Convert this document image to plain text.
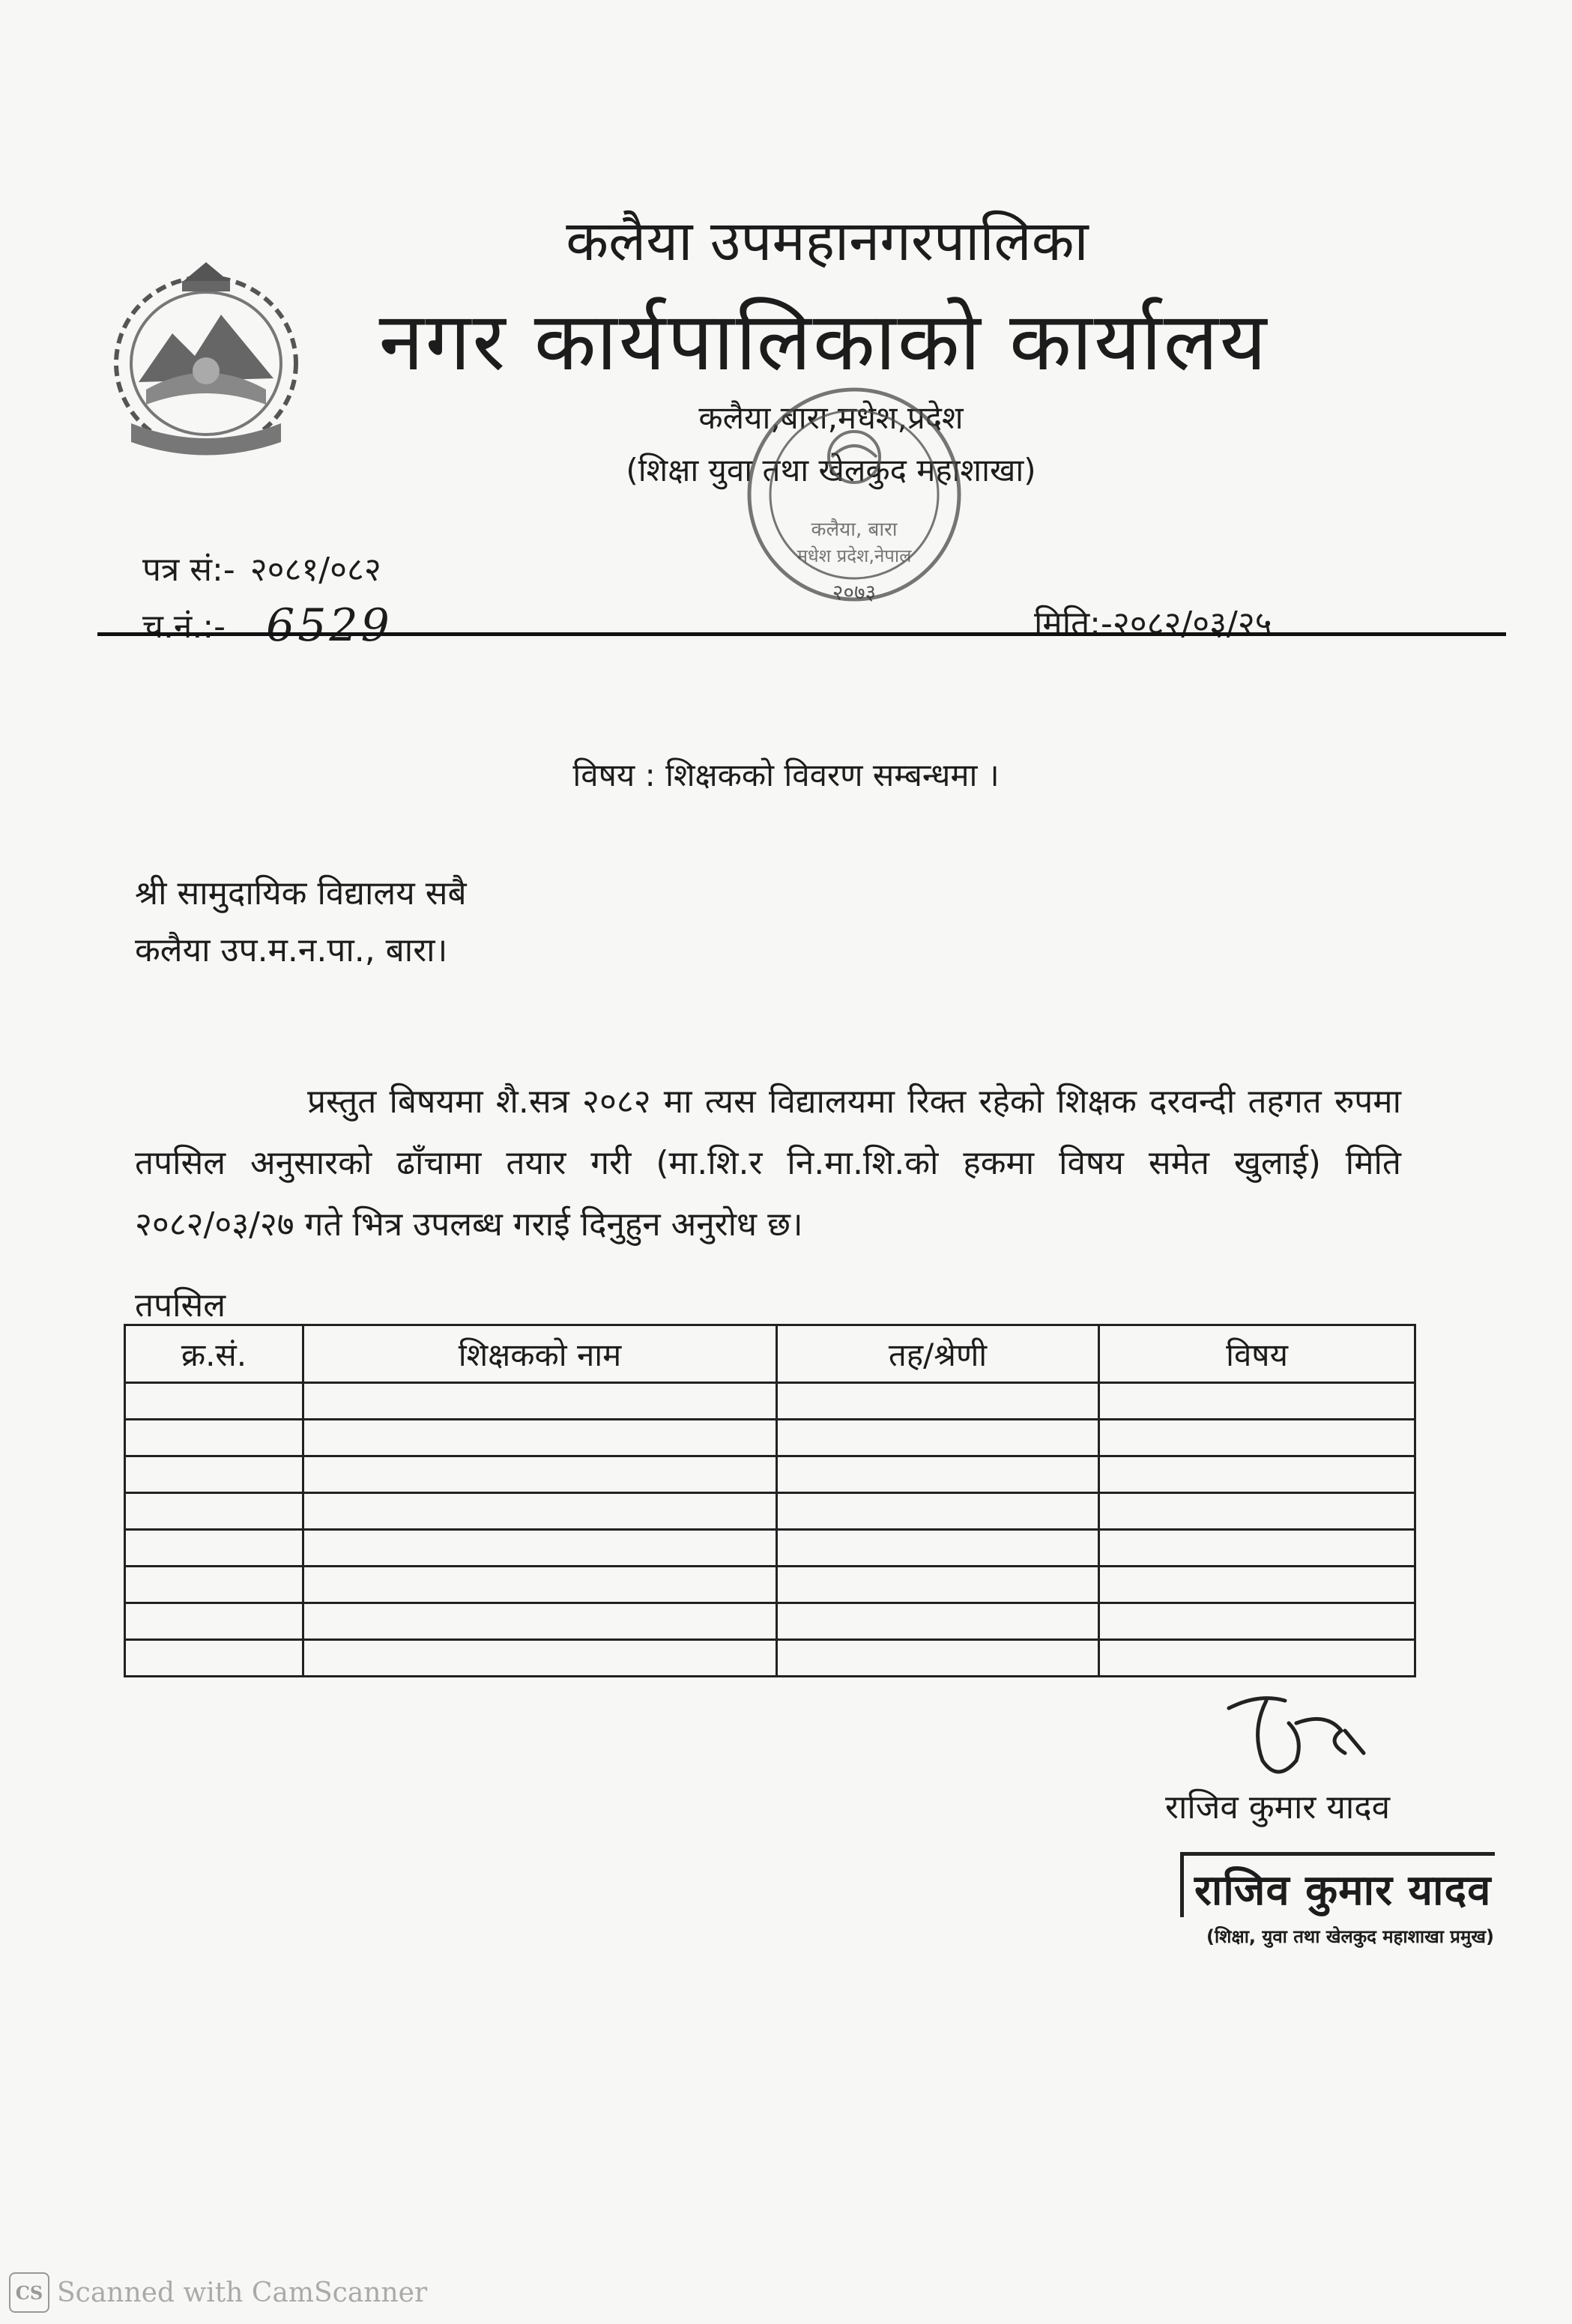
कलैया उपमहानगरपालिका
नगर कार्यपालिकाको कार्यालय
कलैया,बारा,मधेश,प्रदेश
(शिक्षा युवा तथा खेलकुद महाशाखा)
कलैया, बारा
मधेश प्रदेश,नेपाल
२०७३
पत्र सं:- २०८१/०८२
च.नं.:- 6529	मिति:-२०८२/०३/२५
विषय : शिक्षकको विवरण सम्बन्धमा ।
श्री सामुदायिक विद्यालय सबै
कलैया उप.म.न.पा., बारा।
प्रस्तुत बिषयमा शै.सत्र २०८२ मा त्यस विद्यालयमा रिक्त रहेको शिक्षक दरवन्दी तहगत रुपमा तपसिल अनुसारको ढाँचामा तयार गरी (मा.शि.र नि.मा.शि.को हकमा विषय समेत खुलाई) मिति २०८२/०३/२७ गते भित्र उपलब्ध गराई दिनुहुन अनुरोध छ।
तपसिल
क्र.सं.	शिक्षकको नाम	तह/श्रेणी	विषय

राजिव कुमार यादव
राजिव कुमार यादव
(शिक्षा, युवा तथा खेलकुद महाशाखा प्रमुख)
CS Scanned with CamScanner
